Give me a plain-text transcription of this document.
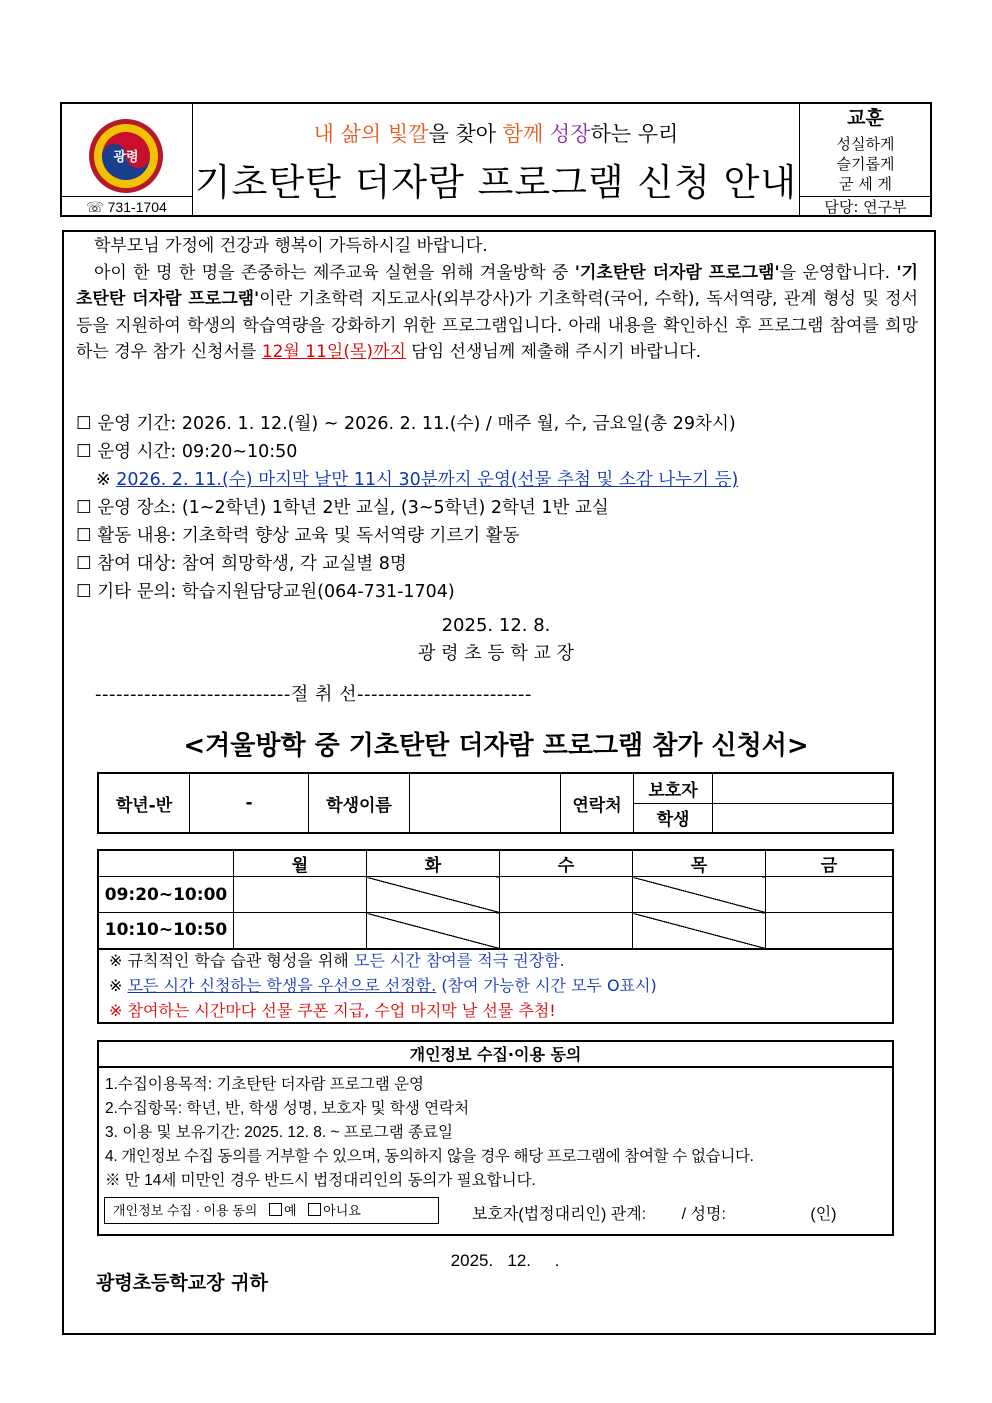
광령
☏ 731-1704
내 삶의 빛깔을 찾아 함께 성장하는 우리
기초탄탄 더자람 프로그램 신청 안내
교훈
성실하게
슬기롭게
굳 세 게
담당: 연구부

학부모님 가정에 건강과 행복이 가득하시길 바랍니다.

아이 한 명 한 명을 존중하는 제주교육 실현을 위해 겨울방학 중 '기초탄탄 더자람 프로그램'을 운영합니다. '기초탄탄 더자람 프로그램'이란 기초학력 지도교사(외부강사)가 기초학력(국어, 수학), 독서역량, 관계 형성 및 정서 등을 지원하여 학생의 학습역량을 강화하기 위한 프로그램입니다. 아래 내용을 확인하신 후 프로그램 참여를 희망하는 경우 참가 신청서를 12월 11일(목)까지 담임 선생님께 제출해 주시기 바랍니다.

☐ 운영 기간: 2026. 1. 12.(월) ~ 2026. 2. 11.(수) / 매주 월, 수, 금요일(총 29차시)
☐ 운영 시간: 09:20~10:50
※ 2026. 2. 11.(수) 마지막 날만 11시 30분까지 운영(선물 추첨 및 소감 나누기 등)
☐ 운영 장소: (1~2학년) 1학년 2반 교실, (3~5학년) 2학년 1반 교실
☐ 활동 내용: 기초학력 향상 교육 및 독서역량 기르기 활동
☐ 참여 대상: 참여 희망학생, 각 교실별 8명
☐ 기타 문의: 학습지원담당교원(064-731-1704)
2025. 12. 8.
광 령 초 등 학 교 장
----------------------------절 취 선-------------------------
<겨울방학 중 기초탄탄 더자람 프로그램 참가 신청서>
학년-반	-	학생이름		연락처	보호자	
					학생	
	월	화	수	목	금
09:20~10:00					
10:10~10:50					
※ 규칙적인 학습 습관 형성을 위해 모든 시간 참여를 적극 권장함.
※ 모든 시간 신청하는 학생을 우선으로 선정함. (참여 가능한 시간 모두 O표시)
※ 참여하는 시간마다 선물 쿠폰 지급, 수업 마지막 날 선물 추첨!
개인정보 수집·이용 동의
1.수집이용목적: 기초탄탄 더자람 프로그램 운영
2.수집항목: 학년, 반, 학생 성명, 보호자 및 학생 연락처
3. 이용 및 보유기간: 2025. 12. 8. ~ 프로그램 종료일
4. 개인정보 수집 동의를 거부할 수 있으며, 동의하지 않을 경우 해당 프로그램에 참여할 수 없습니다.
※ 만 14세 미만인 경우 반드시 법정대리인의 동의가 필요합니다.
개인정보 수집 · 이용 동의 예 아니요	보호자(법정대리인) 관계:        / 성명:                   (인)
2025.   12.     .
광령초등학교장 귀하
